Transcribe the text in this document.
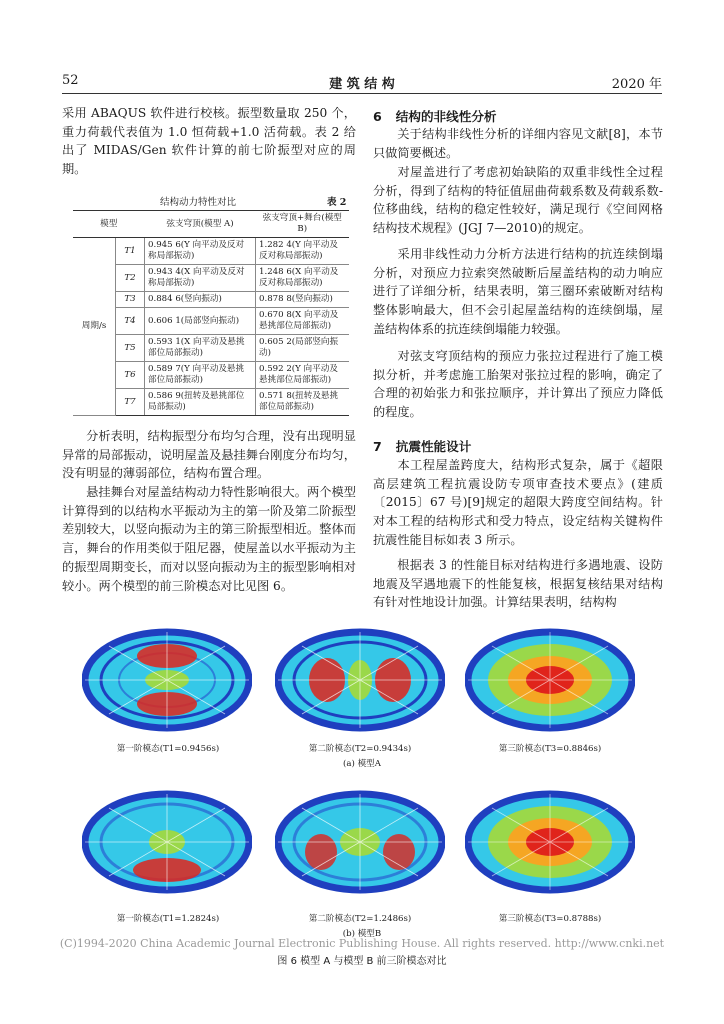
52	建 筑 结 构	2020 年

采用 ABAQUS 软件进行校核。振型数量取 250 个，重力荷载代表值为 1.0 恒荷载+1.0 活荷载。表 2 给出了 MIDAS/Gen 软件计算的前七阶振型对应的周期。

结构动力特性对比	表 2
模型		弦支穹顶(模型 A)	弦支穹顶+舞台(模型 B)
周期/s	T1	0.945 6(Y 向平动及反对称局部振动)	1.282 4(Y 向平动及反对称局部振动)
	T2	0.943 4(X 向平动及反对称局部振动)	1.248 6(X 向平动及反对称局部振动)
	T3	0.884 6(竖向振动)	0.878 8(竖向振动)
	T4	0.606 1(局部竖向振动)	0.670 8(X 向平动及悬挑部位局部振动)
	T5	0.593 1(X 向平动及悬挑部位局部振动)	0.605 2(局部竖向振动)
	T6	0.589 7(Y 向平动及悬挑部位局部振动)	0.592 2(Y 向平动及悬挑部位局部振动)
	T7	0.586 9(扭转及悬挑部位局部振动)	0.571 8(扭转及悬挑部位局部振动)

分析表明，结构振型分布均匀合理，没有出现明显异常的局部振动，说明屋盖及悬挂舞台刚度分布均匀，没有明显的薄弱部位，结构布置合理。

悬挂舞台对屋盖结构动力特性影响很大。两个模型计算得到的以结构水平振动为主的第一阶及第二阶振型差别较大，以竖向振动为主的第三阶振型相近。整体而言，舞台的作用类似于阻尼器，使屋盖以水平振动为主的振型周期变长，而对以竖向振动为主的振型影响相对较小。两个模型的前三阶模态对比见图 6。

6 结构的非线性分析

关于结构非线性分析的详细内容见文献[8]，本节只做简要概述。

对屋盖进行了考虑初始缺陷的双重非线性全过程分析，得到了结构的特征值屈曲荷载系数及荷载系数-位移曲线，结构的稳定性较好，满足现行《空间网格结构技术规程》(JGJ 7—2010)的规定。

采用非线性动力分析方法进行结构的抗连续倒塌分析，对预应力拉索突然破断后屋盖结构的动力响应进行了详细分析，结果表明，第三圈环索破断对结构整体影响最大，但不会引起屋盖结构的连续倒塌，屋盖结构体系的抗连续倒塌能力较强。

对弦支穹顶结构的预应力张拉过程进行了施工模拟分析，并考虑施工胎架对张拉过程的影响，确定了合理的初始张力和张拉顺序，并计算出了预应力降低的程度。

7 抗震性能设计

本工程屋盖跨度大，结构形式复杂，属于《超限高层建筑工程抗震设防专项审查技术要点》(建质〔2015〕67 号)[9]规定的超限大跨度空间结构。针对本工程的结构形式和受力特点，设定结构关键构件抗震性能目标如表 3 所示。

根据表 3 的性能目标对结构进行多遇地震、设防地震及罕遇地震下的性能复核，根据复核结果对结构有针对性地设计加强。计算结果表明，结构构

第一阶模态(T1=0.9456s)	第二阶模态(T2=0.9434s)	第三阶模态(T3=0.8846s)
(a) 模型A
第一阶模态(T1=1.2824s)	第二阶模态(T2=1.2486s)	第三阶模态(T3=0.8788s)
(b) 模型B
(C)1994-2020 China Academic Journal Electronic Publishing House. All rights reserved. http://www.cnki.net
图 6 模型 A 与模型 B 前三阶模态对比
